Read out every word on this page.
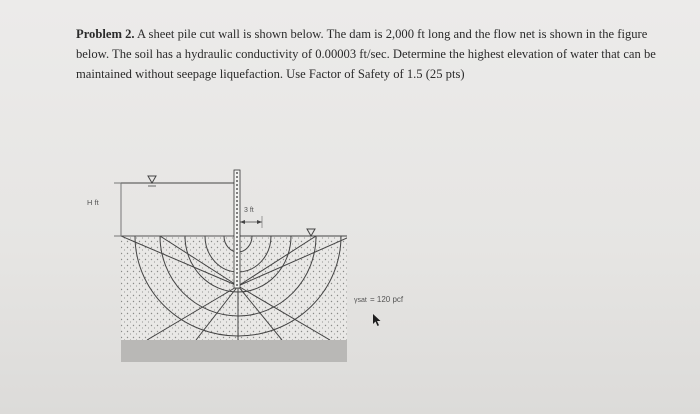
Problem 2. A sheet pile cut wall is shown below. The dam is 2,000 ft long and the flow net is shown in the figure below. The soil has a hydraulic conductivity of 0.00003 ft/sec. Determine the highest elevation of water that can be maintained without seepage liquefaction. Use Factor of Safety of 1.5 (25 pts)
H ft
3 ft
γsat = 120 pcf
